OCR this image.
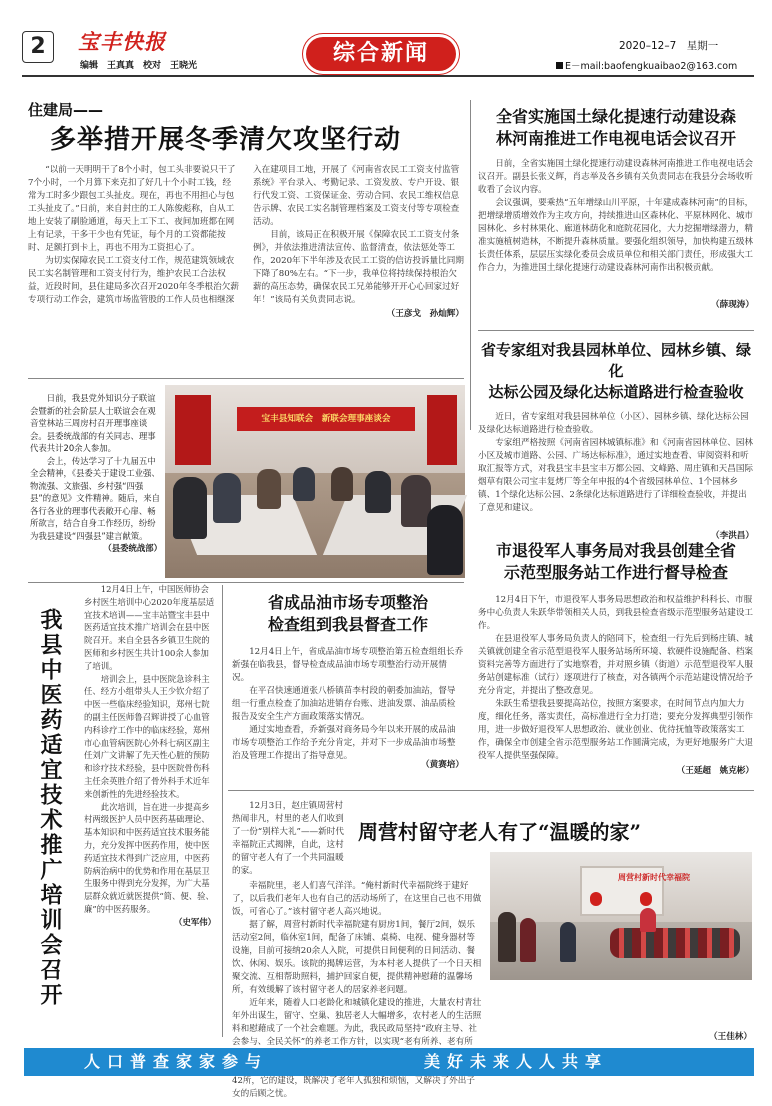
2	宝丰快报
编辑　王真真　校对　王晓光	综合新闻	2020–12–7　 星期一
E－mail:baofengkuaibao2@163.com
住建局——
多举措开展冬季清欠攻坚行动

“以前一天明明干了8个小时，包工头非要说只干了7个小时，一个月算下来克扣了好几十个小时工钱，经常为工时多少跟包工头扯皮。现在，再也不用担心与包工头扯皮了。”日前，来自封庄的工人陈俊彪称，自从工地上安装了刷脸通道，每天上工下工、夜间加班都在网上有记录，干多干少也有凭证，每个月的工资都能按时、足额打到卡上，再也不用为工资担心了。

为切实保障农民工工资支付工作，规范建筑领域农民工实名制管理和工资支付行为，维护农民工合法权益，近段时间，县住建局多次召开2020年冬季根治欠薪专项行动工作会，建筑市场监管股的工作人员也相继深入在建项目工地，开展了《河南省农民工工资支付监管系统》平台录入、考勤记录、工资发放、专户开设、银行代发工资、工资保证金、劳动合同、农民工维权信息告示牌、农民工实名制管理档案及工资支付等专项检查活动。

目前，该局正在积极开展《保障农民工工资支付条例》，并依法推进清法宣传、监督清查，依法惩处等工作，2020年下半年涉及农民工工资的信访投诉量比同期下降了80%左右。“下一步，我单位将持续保持根治欠薪的高压态势，确保农民工兄弟能够开开心心回家过好年！”该局有关负责同志说。

（王彦戈　孙灿辉）
全省实施国土绿化提速行动建设森
林河南推进工作电视电话会议召开

日前，全省实施国土绿化提速行动建设森林河南推进工作电视电话会议召开。副县长张义辉，肖志举及各乡镇有关负责同志在我县分会场收听收看了会议内容。

会议强调，要乘热“五年增绿山川平原，十年建成森林河南”的目标，把增绿增质增效作为主攻方向，持续推进山区森林化、平原林网化、城市园林化、乡村林果化、廊道林荫化和庭院花园化，大力挖掘增绿潜力，精准实施植树造林，不断提升森林质量。要强化组织领导，加快构建五级林长责任体系，层层压实绿化委员会成员单位和相关部门责任，形成强大工作合力，为推进国土绿化提速行动建设森林河南作出积极贡献。

（薛现涛）
省专家组对我县园林单位、园林乡镇、绿化
达标公园及绿化达标道路进行检查验收

近日，省专家组对我县园林单位（小区）、园林乡镇、绿化达标公园及绿化达标道路进行检查验收。

专家组严格按照《河南省园林城镇标准》和《河南省园林单位、园林小区及城市道路、公园、广场达标标准》，通过实地查看、审阅资料和听取汇报等方式，对我县宝丰县宝丰万都公园、文峰路、周庄镇和天昌国际烟草有限公司宝丰复烤厂等全年申报的4个省级园林单位、1个园林乡镇、1个绿化达标公园、2条绿化达标道路进行了详细检查验收，并提出了意见和建议。

（李洪昌）

日前，我县党外知识分子联谊会暨新的社会阶层人士联谊会在观音堂林站三周房村召开理事座谈会。县委统战部的有关同志、理事代表共计20余人参加。

会上，传达学习了十九届五中全会精神，《县委关于建设工业强、物流强、文旅强、乡村强“四强县”的意见》文件精神。随后，来自各行各业的理事代表敞开心扉、畅所欲言，结合自身工作经历，纷纷为我县建设“四强县”建言献策。

（县委统战部）
宝丰县知联会　新联会理事座谈会
市退役军人事务局对我县创建全省
示范型服务站工作进行督导检查

12月4日下午，市退役军人事务局思想政治和权益维护科科长、市服务中心负责人朱跃华带领相关人员，到我县检查省级示范型服务站建设工作。

在县退役军人事务局负责人的陪同下，检查组一行先后到杨庄镇、城关镇就创建全省示范型退役军人服务站场所环境、软硬件设施配备、档案资料完善等方面进行了实地察看，并对照乡镇（街道）示范型退役军人服务站创建标准（试行）逐项进行了核查，对各镇两个示范站建设情况给予充分肯定，并提出了整改意见。

朱跃生希望我县要提高站位，按照方案要求，在时间节点内加大力度，细化任务，落实责任，高标准进行全力打造；要充分发挥典型引领作用，进一步做好退役军人思想政治、就业创业、优待抚恤等政策落实工作，确保全市创建全省示范型服务站工作圆满完成，为更好地服务广大退役军人提供坚强保障。

（王延超　姚克彬）
我县中医药适宜技术推广培训会召开

12月4日上午，中国医师协会乡村医生培训中心2020年度基层适宜技术培训——宝丰站暨宝丰县中医药适宜技术推广培训会在县中医院召开。来自全县各乡镇卫生院的医师和乡村医生共计100余人参加了培训。

培训会上，县中医院急诊科主任、经方小组带头人王少钦介绍了中医一些临床经验知识，郑州七院的副主任医师鲁召辉讲授了心血管内科诊疗工作中的临床经验，郑州市心血管病医院心外科七病区副主任刘广文讲解了先天性心脏的预防和诊疗技术经验，县中医院骨伤科主任余英胜介绍了骨外科手术近年来创新性的先进经验技术。

此次培训，旨在进一步提高乡村两级医护人员中医药基础理论、基本知识和中医药适宜技术服务能力，充分发挥中医药作用，使中医药适宜技术得到广泛应用，中医药防病治病中的优势和作用在基层卫生服务中得到充分发挥，为广大基层群众就近就医提供“简、便、验、廉”的中医药服务。

（史军伟）
省成品油市场专项整治
检查组到我县督查工作

12月4日上午，省成品油市场专项整治第五检查组组长乔新强在临我县，督导检查成品油市场专项整治行动开展情况。

在平召快速通道张八桥镇苗李村段的朝委加油站，督导组一行重点检查了加油站进销存台账、进油发票、油品质检报告及安全生产方面政策落实情况。

通过实地查看，乔新强对商务局今年以来开展的成品油市场专项整治工作给予充分肯定，并对下一步成品油市场整治及管理工作提出了指导意见。

（黄赛培）

12月3日，赵庄镇周营村热闹非凡，村里的老人们收到了一份“别样大礼”——新时代幸福院正式揭牌，自此，这村的留守老人有了一个共同温暖的家。

周营村留守老人有了“温暖的家”

幸福院里，老人们喜气洋洋。“俺村新时代幸福院终于建好了，以后我们老年人也有自己的活动场所了，在这里自己也不用做饭，可省心了。”该村留守老人高兴地说。

据了解，周营村新时代幸福院建有厨房1间，餐厅2间，娱乐活动室2间，临休室1间，配备了床铺、桌椅、电视、健身器材等设施，目前可接纳20余人入院，可提供日间便利的日间活动、餐饮、休闲、娱乐。该院的揭牌运营，为本村老人提供了一个日天相聚交流、互相帮助照料，捕护回家自便，提供精神慰藉的温馨场所，有效缓解了该村留守老人的居家养老问题。

近年来，随着人口老龄化和城镇化建设的推进，大量农村青壮年外出谋生，留守、空巢、独居老人大幅增多，农村老人的生活照料和慰藉成了一个社会难题。为此，我民政局坚持“政府主导、社会参与、全民关怀”的养老工作方针，以实现“老有所养、老有所 42所，它的建设，既解决了老年人孤独和烦恼，又解决了外出子女的后顾之忧。

周营村新时代幸福院
（王佳林）
人口普查家家参与	美好未来人人共享
